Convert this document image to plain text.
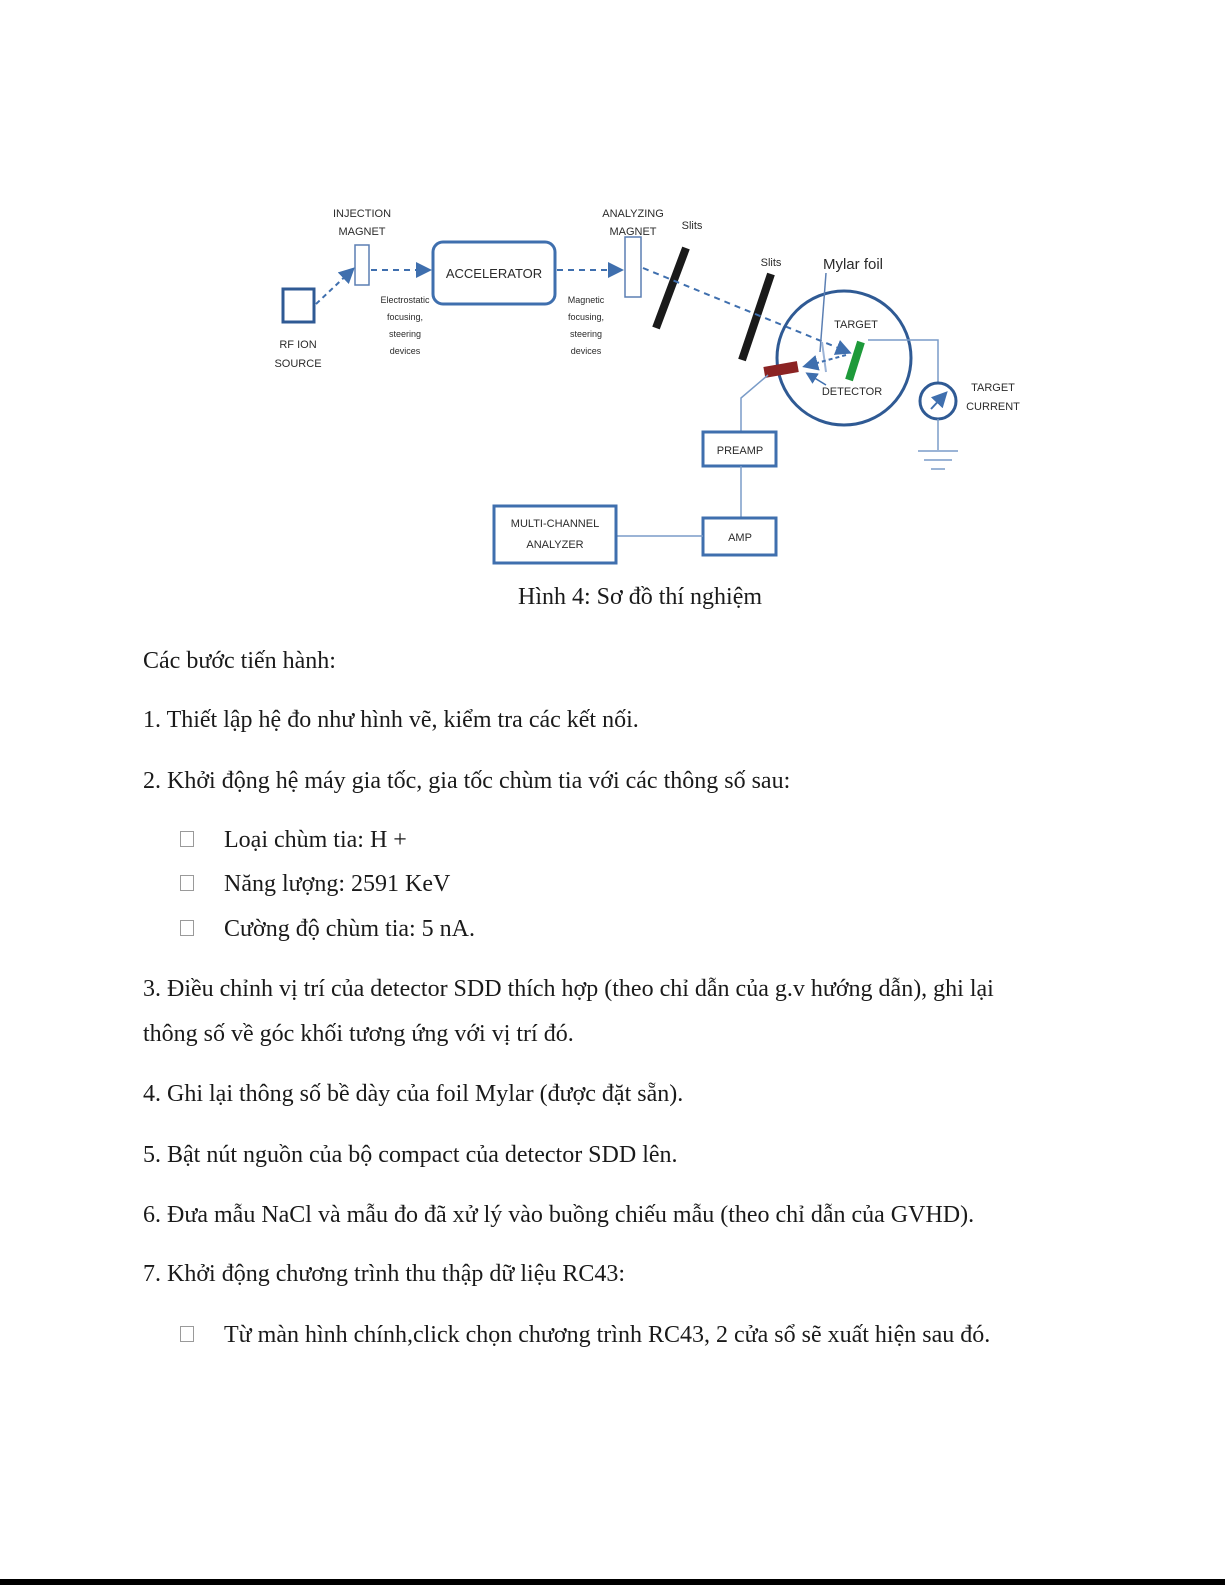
RF ION
SOURCE
INJECTION
MAGNET
ACCELERATOR
Electrostatic
focusing,
steering
devices
ANALYZING
MAGNET
Magnetic
focusing,
steering
devices
Slits
Slits	Mylar foil
TARGET
DETECTOR	TARGET
CURRENT
PREAMP
AMP
MULTI-CHANNEL
ANALYZER
Hình 4: Sơ đồ thí nghiệm
Các bước tiến hành:
1. Thiết lập hệ đo như hình vẽ, kiểm tra các kết nối.
2. Khởi động hệ máy gia tốc, gia tốc chùm tia với các thông số sau:
Loại chùm tia: H +
Năng lượng: 2591 KeV
Cường độ chùm tia: 5 nA.
3. Điều chỉnh vị trí của detector SDD thích hợp (theo chỉ dẫn của g.v hướng dẫn), ghi lại
thông số về góc khối tương ứng với vị trí đó.
4. Ghi lại thông số bề dày của foil Mylar (được đặt sẵn).
5. Bật nút nguồn của bộ compact của detector SDD lên.
6. Đưa mẫu NaCl và mẫu đo đã xử lý vào buồng chiếu mẫu (theo chỉ dẫn của GVHD).
7. Khởi động chương trình thu thập dữ liệu RC43:
Từ màn hình chính,click chọn chương trình RC43, 2 cửa sổ sẽ xuất hiện sau đó.
